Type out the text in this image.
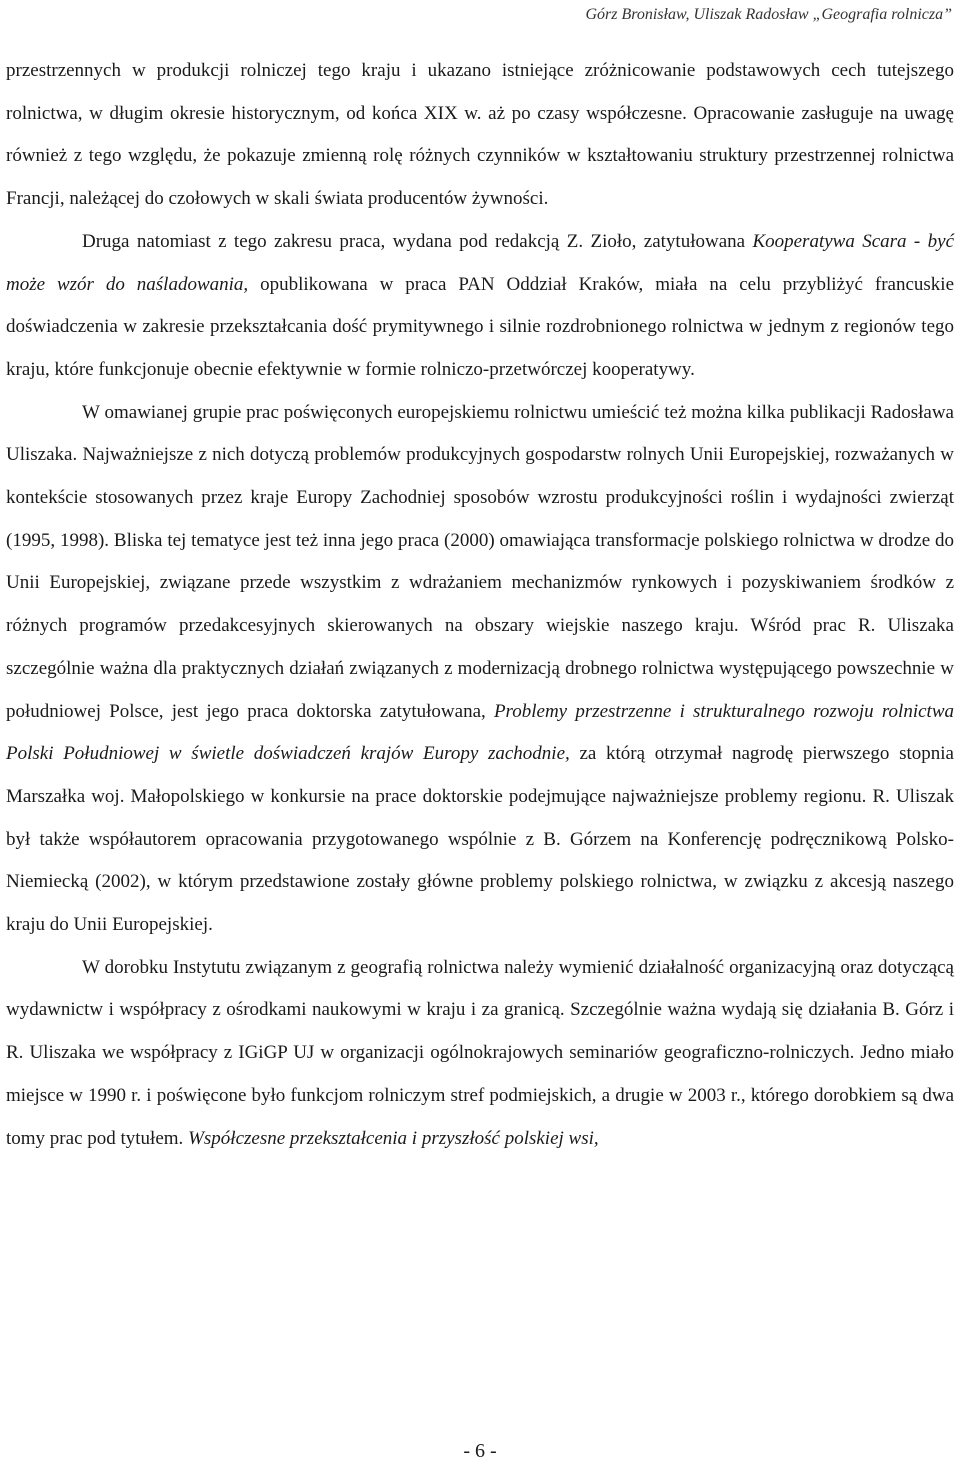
Górz Bronisław, Uliszak Radosław „Geografia rolnicza”

przestrzennych w produkcji rolniczej tego kraju i ukazano istniejące zróżnicowanie podstawowych cech tutejszego rolnictwa, w długim okresie historycznym, od końca XIX w. aż po czasy współczesne. Opracowanie zasługuje na uwagę również z tego względu, że pokazuje zmienną rolę różnych czynników w kształtowaniu struktury przestrzennej rolnictwa Francji, należącej do czołowych w skali świata producentów żywności.

Druga natomiast z tego zakresu praca, wydana pod redakcją Z. Zioło, zatytułowana Kooperatywa Scara - być może wzór do naśladowania, opublikowana w praca PAN Oddział Kraków, miała na celu przybliżyć francuskie doświadczenia w zakresie przekształcania dość prymitywnego i silnie rozdrobnionego rolnictwa w jednym z regionów tego kraju, które funkcjonuje obecnie efektywnie w formie rolniczo-przetwórczej kooperatywy.

W omawianej grupie prac poświęconych europejskiemu rolnictwu umieścić też można kilka publikacji Radosława Uliszaka. Najważniejsze z nich dotyczą problemów produkcyjnych gospodarstw rolnych Unii Europejskiej, rozważanych w kontekście stosowanych przez kraje Europy Zachodniej sposobów wzrostu produkcyjności roślin i wydajności zwierząt (1995, 1998). Bliska tej tematyce jest też inna jego praca (2000) omawiająca transformacje polskiego rolnictwa w drodze do Unii Europejskiej, związane przede wszystkim z wdrażaniem mechanizmów rynkowych i pozyskiwaniem środków z różnych programów przedakcesyjnych skierowanych na obszary wiejskie naszego kraju. Wśród prac R. Uliszaka szczególnie ważna dla praktycznych działań związanych z modernizacją drobnego rolnictwa występującego powszechnie w południowej Polsce, jest jego praca doktorska zatytułowana, Problemy przestrzenne i strukturalnego rozwoju rolnictwa Polski Południowej w świetle doświadczeń krajów Europy zachodnie, za którą otrzymał nagrodę pierwszego stopnia Marszałka woj. Małopolskiego w konkursie na prace doktorskie podejmujące najważniejsze problemy regionu. R. Uliszak był także współautorem opracowania przygotowanego wspólnie z B. Górzem na Konferencję podręcznikową Polsko-Niemiecką (2002), w którym przedstawione zostały główne problemy polskiego rolnictwa, w związku z akcesją naszego kraju do Unii Europejskiej.

W dorobku Instytutu związanym z geografią rolnictwa należy wymienić działalność organizacyjną oraz dotyczącą wydawnictw i współpracy z ośrodkami naukowymi w kraju i za granicą. Szczególnie ważna wydają się działania B. Górz i R. Uliszaka we współpracy z IGiGP UJ w organizacji ogólnokrajowych seminariów geograficzno-rolniczych. Jedno miało miejsce w 1990 r. i poświęcone było funkcjom rolniczym stref podmiejskich, a drugie w 2003 r., którego dorobkiem są dwa tomy prac pod tytułem. Współczesne przekształcenia i przyszłość polskiej wsi,

- 6 -
